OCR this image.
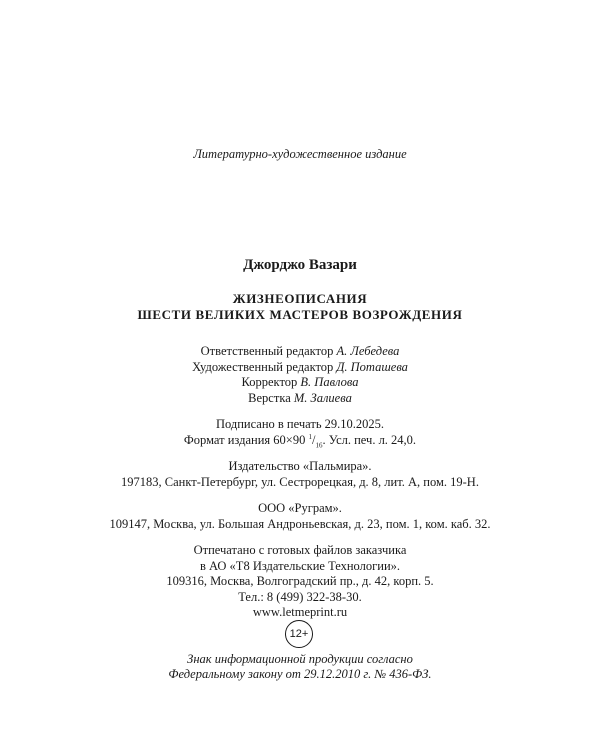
Литературно-художественное издание
Джорджо Вазари
ЖИЗНЕОПИСАНИЯ
ШЕСТИ ВЕЛИКИХ МАСТЕРОВ ВОЗРОЖДЕНИЯ
Ответственный редактор А. Лебедева
Художественный редактор Д. Поташева
Корректор В. Павлова
Верстка М. Залиева
Подписано в печать 29.10.2025.
Формат издания 60×90 $^1/_{16}$. Усл. печ. л. 24,0.
Издательство «Пальмира».
197183, Санкт-Петербург, ул. Сестрорецкая, д. 8, лит. А, пом. 19-Н.
ООО «Руграм».
109147, Москва, ул. Большая Андроньевская, д. 23, пом. 1, ком. каб. 32.
Отпечатано с готовых файлов заказчика
в АО «Т8 Издательские Технологии».
109316, Москва, Волгоградский пр., д. 42, корп. 5.
Тел.: 8 (499) 322-38-30.
www.letmeprint.ru
12+
Знак информационной продукции согласно
Федеральному закону от 29.12.2010 г. № 436-ФЗ.
